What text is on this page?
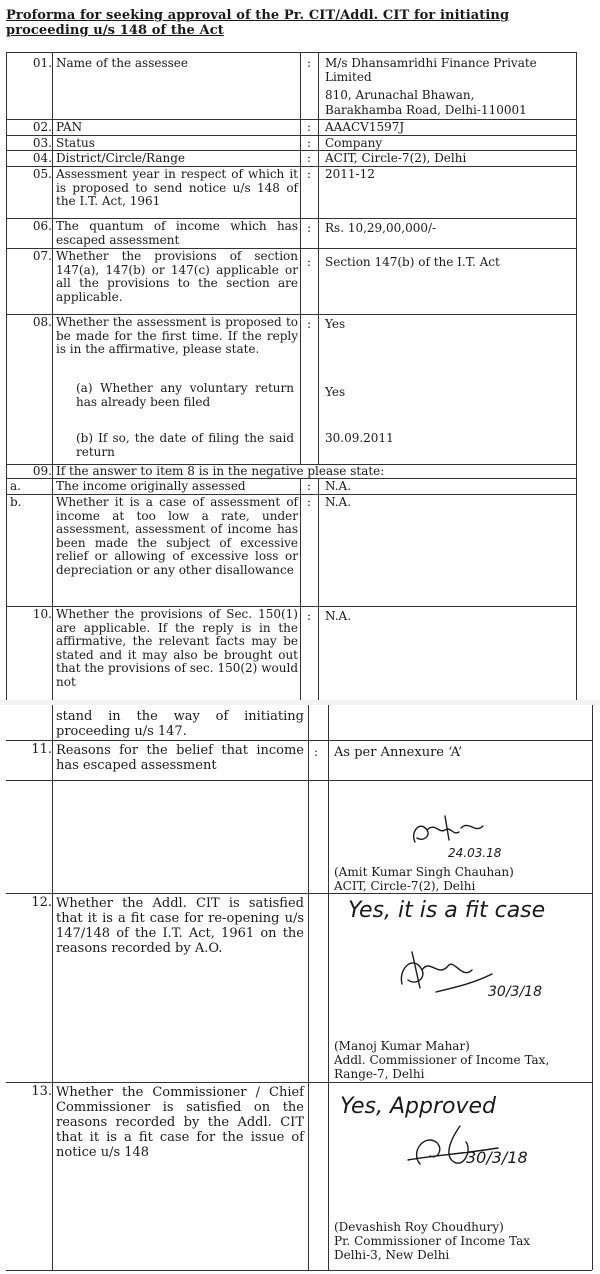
Proforma for seeking approval of the Pr. CIT/Addl. CIT for initiating proceeding u/s 148 of the Act
01. Name of the assessee	:	M/s Dhansamridhi Finance Private Limited
810, Arunachal Bhawan,
Barakhamba Road, Delhi-110001
02. PAN	:	AAACV1597J
03. Status	:	Company
04. District/Circle/Range	:	ACIT, Circle-7(2), Delhi
05. Assessment year in respect of which it is proposed to send notice u/s 148 of the I.T. Act, 1961
:	2011-12
06. The quantum of income which has escaped assessment
:	Rs. 10,29,00,000/-
07. Whether the provisions of section 147(a), 147(b) or 147(c) applicable or all the provisions to the section are applicable.
:	Section 147(b) of the I.T. Act
08. Whether the assessment is proposed to be made for the first time. If the reply is in the affirmative, please state.
:	Yes
(a) Whether any voluntary return has already been filed
Yes
(b) If so, the date of filing the said return
30.09.2011
09. If the answer to item 8 is in the negative please state:
a.	The income originally assessed	:	N.A.
b.	Whether it is a case of assessment of income at too low a rate, under assessment, assessment of income has been made the subject of excessive relief or allowing of excessive loss or depreciation or any other disallowance
:	N.A.
10. Whether the provisions of Sec. 150(1) are applicable. If the reply is in the affirmative, the relevant facts may be stated and it may also be brought out that the provisions of sec. 150(2) would not
:	N.A.
stand in the way of initiating proceeding u/s 147.
11. Reasons for the belief that income has escaped assessment
:	As per Annexure ‘A’
24.03.18
(Amit Kumar Singh Chauhan)
ACIT, Circle-7(2), Delhi
12. Whether the Addl. CIT is satisfied that it is a fit case for re-opening u/s 147/148 of the I.T. Act, 1961 on the reasons recorded by A.O.
Yes, it is a fit case
30/3/18
(Manoj Kumar Mahar)
Addl. Commissioner of Income Tax,
Range-7, Delhi
13. Whether the Commissioner / Chief Commissioner is satisfied on the reasons recorded by the Addl. CIT that it is a fit case for the issue of notice u/s 148
Yes, Approved
30/3/18
(Devashish Roy Choudhury)
Pr. Commissioner of Income Tax
Delhi-3, New Delhi
